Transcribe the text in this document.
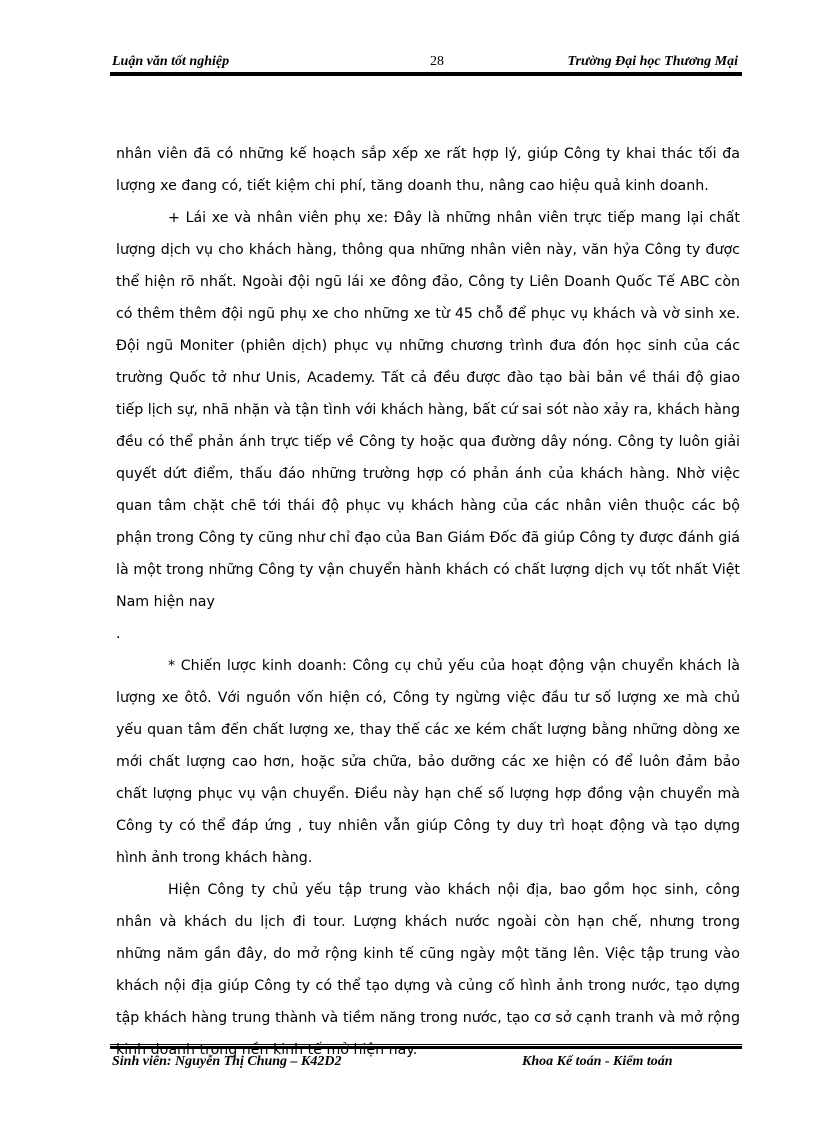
Luận văn tốt nghiệp	28	Trường Đại học Thương Mại

nhân viên đã có những kế hoạch sắp xếp xe rất hợp lý, giúp Công ty khai thác tối đa lượng xe đang có, tiết kiệm chi phí, tăng doanh thu, nâng cao hiệu quả kinh doanh.

+ Lái xe và nhân viên phụ xe: Đây là những nhân viên trực tiếp mang lại chất lượng dịch vụ cho khách hàng, thông qua những nhân viên này, văn hỷa Công ty được thể hiện rõ nhất. Ngoài đội ngũ lái xe đông đảo, Công ty Liên Doanh Quốc Tế ABC còn có thêm thêm đội ngũ phụ xe cho những xe từ 45 chỗ để phục vụ khách và vờ sinh xe. Đội ngũ Moniter (phiên dịch) phục vụ những chương trình đưa đón học sinh của các trường Quốc tở như Unis, Academy. Tất cả đều được đào tạo bài bản về thái độ giao tiếp lịch sự, nhã nhặn và tận tình với khách hàng, bất cứ sai sót nào xảy ra, khách hàng đều có thể phản ánh trực tiếp về Công ty hoặc qua đường dây nóng. Công ty luôn giải quyết dứt điểm, thấu đáo những trường hợp có phản ánh của khách hàng. Nhờ việc quan tâm chặt chẽ tới thái độ phục vụ khách hàng của các nhân viên thuộc các bộ phận trong Công ty cũng như chỉ đạo của Ban Giám Đốc đã giúp Công ty được đánh giá là một trong những Công ty vận chuyển hành khách có chất lượng dịch vụ tốt nhất Việt Nam hiện nay

.

* Chiến lược kinh doanh: Công cụ chủ yếu của hoạt động vận chuyển khách là lượng xe ôtô. Với nguồn vốn hiện có, Công ty ngừng việc đầu tư số lượng xe mà chủ yếu quan tâm đến chất lượng xe, thay thế các xe kém chất lượng bằng những dòng xe mới chất lượng cao hơn, hoặc sửa chữa, bảo dưỡng các xe hiện có để luôn đảm bảo chất lượng phục vụ vận chuyển. Điều này hạn chế số lượng hợp đồng vận chuyển mà Công ty có thể đáp ứng , tuy nhiên vẫn giúp Công ty duy trì hoạt động và tạo dựng hình ảnh trong khách hàng.

Hiện Công ty chủ yếu tập trung vào khách nội địa, bao gồm học sinh, công nhân và khách du lịch đi tour. Lượng khách nước ngoài còn hạn chế, nhưng trong những năm gần đây, do mở rộng kinh tế cũng ngày một tăng lên. Việc tập trung vào khách nội địa giúp Công ty có thể tạo dựng và củng cố hình ảnh trong nước, tạo dựng tập khách hàng trung thành và tiềm năng trong nước, tạo cơ sở cạnh tranh và mở rộng kinh doanh trong nền kinh tế mở hiện nay.

Sinh viên: Nguyễn Thị Chung – K42D2	Khoa Kế toán - Kiểm toán
